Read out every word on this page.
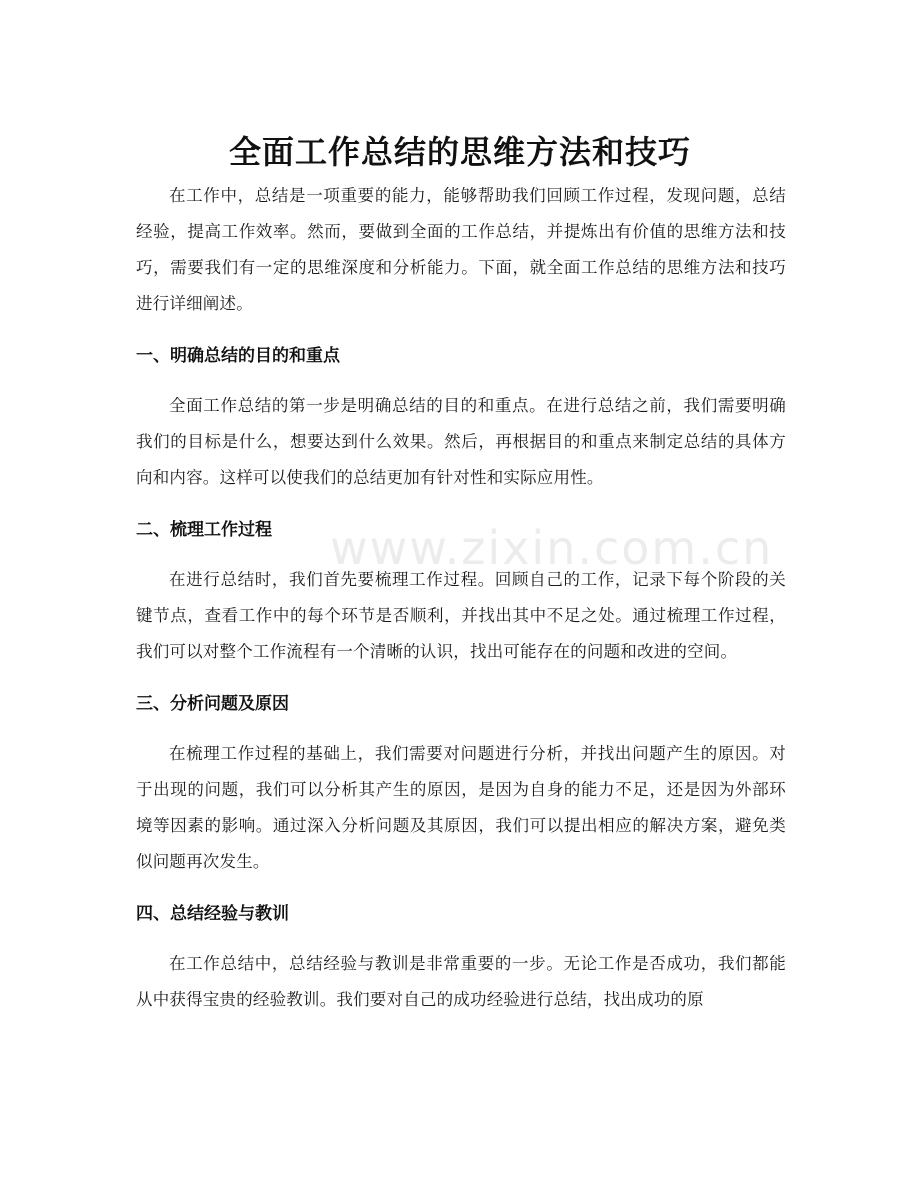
全面工作总结的思维方法和技巧

在工作中，总结是一项重要的能力，能够帮助我们回顾工作过程，发现问题，总结经验，提高工作效率。然而，要做到全面的工作总结，并提炼出有价值的思维方法和技巧，需要我们有一定的思维深度和分析能力。下面，就全面工作总结的思维方法和技巧进行详细阐述。

一、明确总结的目的和重点

全面工作总结的第一步是明确总结的目的和重点。在进行总结之前，我们需要明确我们的目标是什么，想要达到什么效果。然后，再根据目的和重点来制定总结的具体方向和内容。这样可以使我们的总结更加有针对性和实际应用性。

二、梳理工作过程

在进行总结时，我们首先要梳理工作过程。回顾自己的工作，记录下每个阶段的关键节点，查看工作中的每个环节是否顺利，并找出其中不足之处。通过梳理工作过程，我们可以对整个工作流程有一个清晰的认识，找出可能存在的问题和改进的空间。

三、分析问题及原因

在梳理工作过程的基础上，我们需要对问题进行分析，并找出问题产生的原因。对于出现的问题，我们可以分析其产生的原因，是因为自身的能力不足，还是因为外部环境等因素的影响。通过深入分析问题及其原因，我们可以提出相应的解决方案，避免类似问题再次发生。

四、总结经验与教训

在工作总结中，总结经验与教训是非常重要的一步。无论工作是否成功，我们都能从中获得宝贵的经验教训。我们要对自己的成功经验进行总结，找出成功的原

www.zixin.com.cn
